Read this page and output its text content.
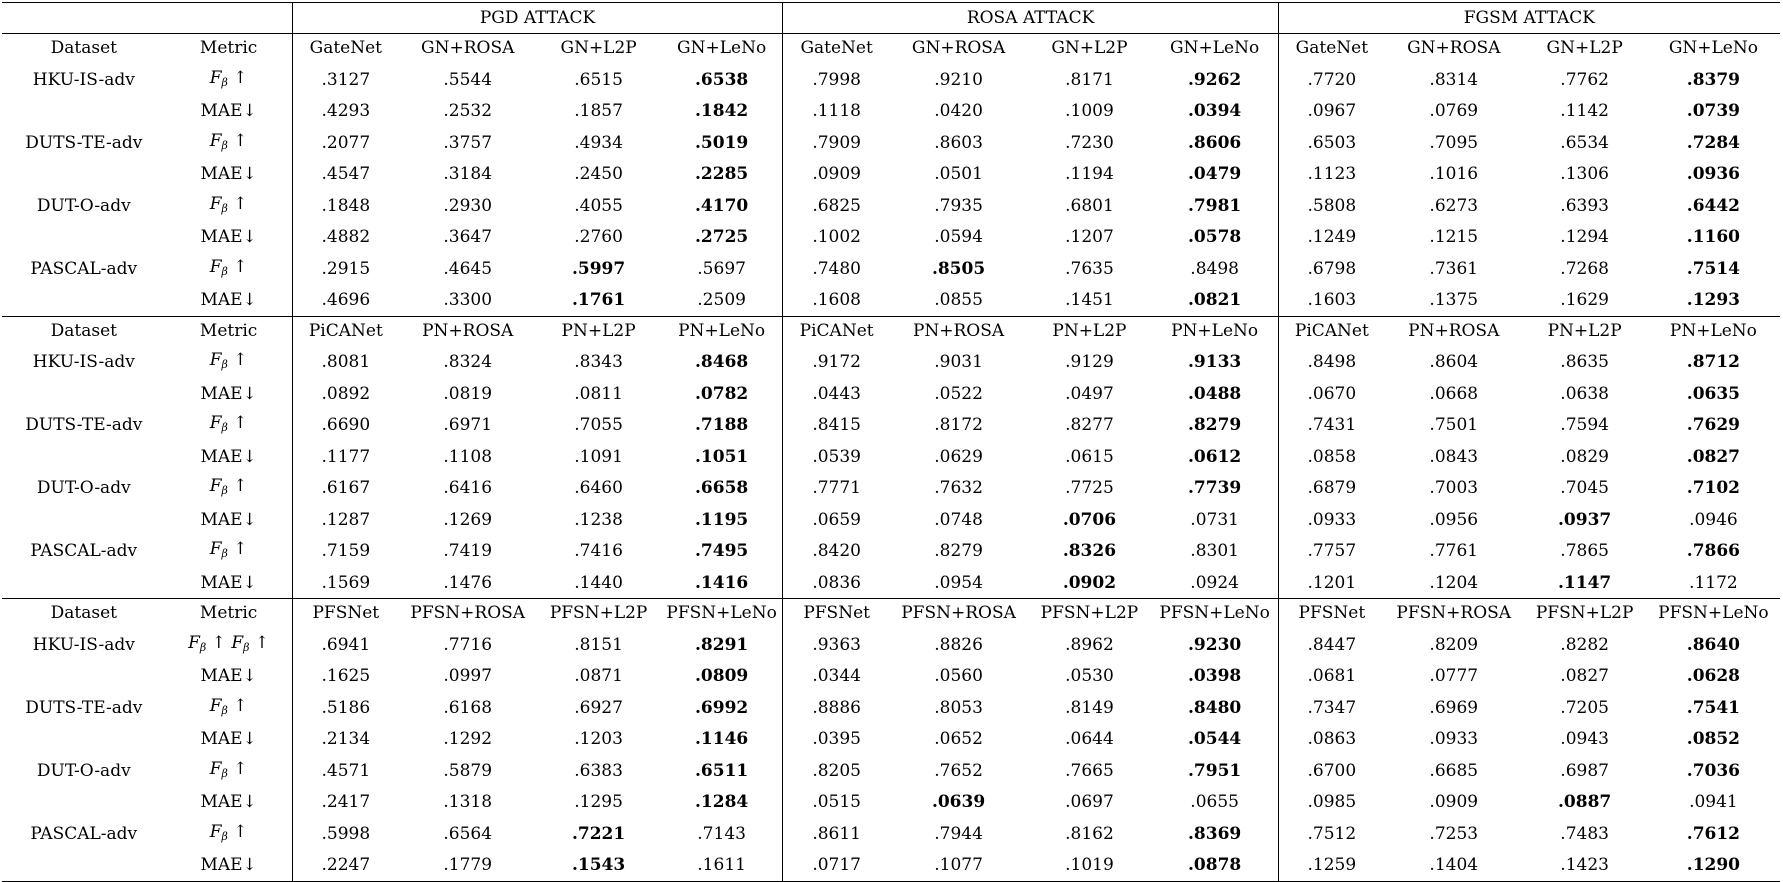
		PGD ATTACK				ROSA ATTACK				FGSM ATTACK			
Dataset	Metric	GateNet	GN+ROSA	GN+L2P	GN+LeNo	GateNet	GN+ROSA	GN+L2P	GN+LeNo	GateNet	GN+ROSA	GN+L2P	GN+LeNo
HKU-IS-adv	$F_\beta$ ↑	.3127	.5544	.6515	.6538	.7998	.9210	.8171	.9262	.7720	.8314	.7762	.8379
	MAE↓	.4293	.2532	.1857	.1842	.1118	.0420	.1009	.0394	.0967	.0769	.1142	.0739
DUTS-TE-adv	$F_\beta$ ↑	.2077	.3757	.4934	.5019	.7909	.8603	.7230	.8606	.6503	.7095	.6534	.7284
	MAE↓	.4547	.3184	.2450	.2285	.0909	.0501	.1194	.0479	.1123	.1016	.1306	.0936
DUT-O-adv	$F_\beta$ ↑	.1848	.2930	.4055	.4170	.6825	.7935	.6801	.7981	.5808	.6273	.6393	.6442
	MAE↓	.4882	.3647	.2760	.2725	.1002	.0594	.1207	.0578	.1249	.1215	.1294	.1160
PASCAL-adv	$F_\beta$ ↑	.2915	.4645	.5997	.5697	.7480	.8505	.7635	.8498	.6798	.7361	.7268	.7514
	MAE↓	.4696	.3300	.1761	.2509	.1608	.0855	.1451	.0821	.1603	.1375	.1629	.1293
Dataset	Metric	PiCANet	PN+ROSA	PN+L2P	PN+LeNo	PiCANet	PN+ROSA	PN+L2P	PN+LeNo	PiCANet	PN+ROSA	PN+L2P	PN+LeNo
HKU-IS-adv	$F_\beta$ ↑	.8081	.8324	.8343	.8468	.9172	.9031	.9129	.9133	.8498	.8604	.8635	.8712
	MAE↓	.0892	.0819	.0811	.0782	.0443	.0522	.0497	.0488	.0670	.0668	.0638	.0635
DUTS-TE-adv	$F_\beta$ ↑	.6690	.6971	.7055	.7188	.8415	.8172	.8277	.8279	.7431	.7501	.7594	.7629
	MAE↓	.1177	.1108	.1091	.1051	.0539	.0629	.0615	.0612	.0858	.0843	.0829	.0827
DUT-O-adv	$F_\beta$ ↑	.6167	.6416	.6460	.6658	.7771	.7632	.7725	.7739	.6879	.7003	.7045	.7102
	MAE↓	.1287	.1269	.1238	.1195	.0659	.0748	.0706	.0731	.0933	.0956	.0937	.0946
PASCAL-adv	$F_\beta$ ↑	.7159	.7419	.7416	.7495	.8420	.8279	.8326	.8301	.7757	.7761	.7865	.7866
	MAE↓	.1569	.1476	.1440	.1416	.0836	.0954	.0902	.0924	.1201	.1204	.1147	.1172
Dataset	Metric	PFSNet	PFSN+ROSA	PFSN+L2P	PFSN+LeNo	PFSNet	PFSN+ROSA	PFSN+L2P	PFSN+LeNo	PFSNet	PFSN+ROSA	PFSN+L2P	PFSN+LeNo
HKU-IS-adv	$F_\beta$ ↑ $F_\beta$ ↑	.6941	.7716	.8151	.8291	.9363	.8826	.8962	.9230	.8447	.8209	.8282	.8640
	MAE↓	.1625	.0997	.0871	.0809	.0344	.0560	.0530	.0398	.0681	.0777	.0827	.0628
DUTS-TE-adv	$F_\beta$ ↑	.5186	.6168	.6927	.6992	.8886	.8053	.8149	.8480	.7347	.6969	.7205	.7541
	MAE↓	.2134	.1292	.1203	.1146	.0395	.0652	.0644	.0544	.0863	.0933	.0943	.0852
DUT-O-adv	$F_\beta$ ↑	.4571	.5879	.6383	.6511	.8205	.7652	.7665	.7951	.6700	.6685	.6987	.7036
	MAE↓	.2417	.1318	.1295	.1284	.0515	.0639	.0697	.0655	.0985	.0909	.0887	.0941
PASCAL-adv	$F_\beta$ ↑	.5998	.6564	.7221	.7143	.8611	.7944	.8162	.8369	.7512	.7253	.7483	.7612
	MAE↓	.2247	.1779	.1543	.1611	.0717	.1077	.1019	.0878	.1259	.1404	.1423	.1290
